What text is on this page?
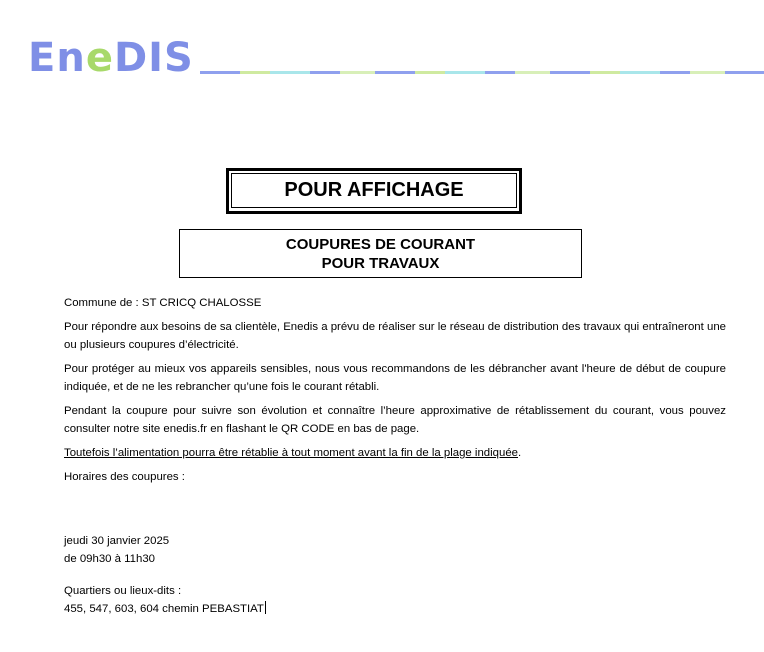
EneDIS
POUR AFFICHAGE
COUPURES DE COURANT
POUR TRAVAUX

Commune de : ST CRICQ CHALOSSE

Pour répondre aux besoins de sa clientèle, Enedis a prévu de réaliser sur le réseau de distribution des travaux qui entraîneront une ou plusieurs coupures d’électricité.

Pour protéger au mieux vos appareils sensibles, nous vous recommandons de les débrancher avant l'heure de début de coupure indiquée, et de ne les rebrancher qu’une fois le courant rétabli.

Pendant la coupure pour suivre son évolution et connaître l’heure approximative de rétablissement du courant, vous pouvez consulter notre site enedis.fr en flashant le QR CODE en bas de page.

Toutefois l’alimentation pourra être rétablie à tout moment avant la fin de la plage indiquée.

Horaires des coupures :

jeudi 30 janvier 2025
de 09h30 à 11h30
Quartiers ou lieux-dits :
455, 547, 603, 604 chemin PEBASTIAT
